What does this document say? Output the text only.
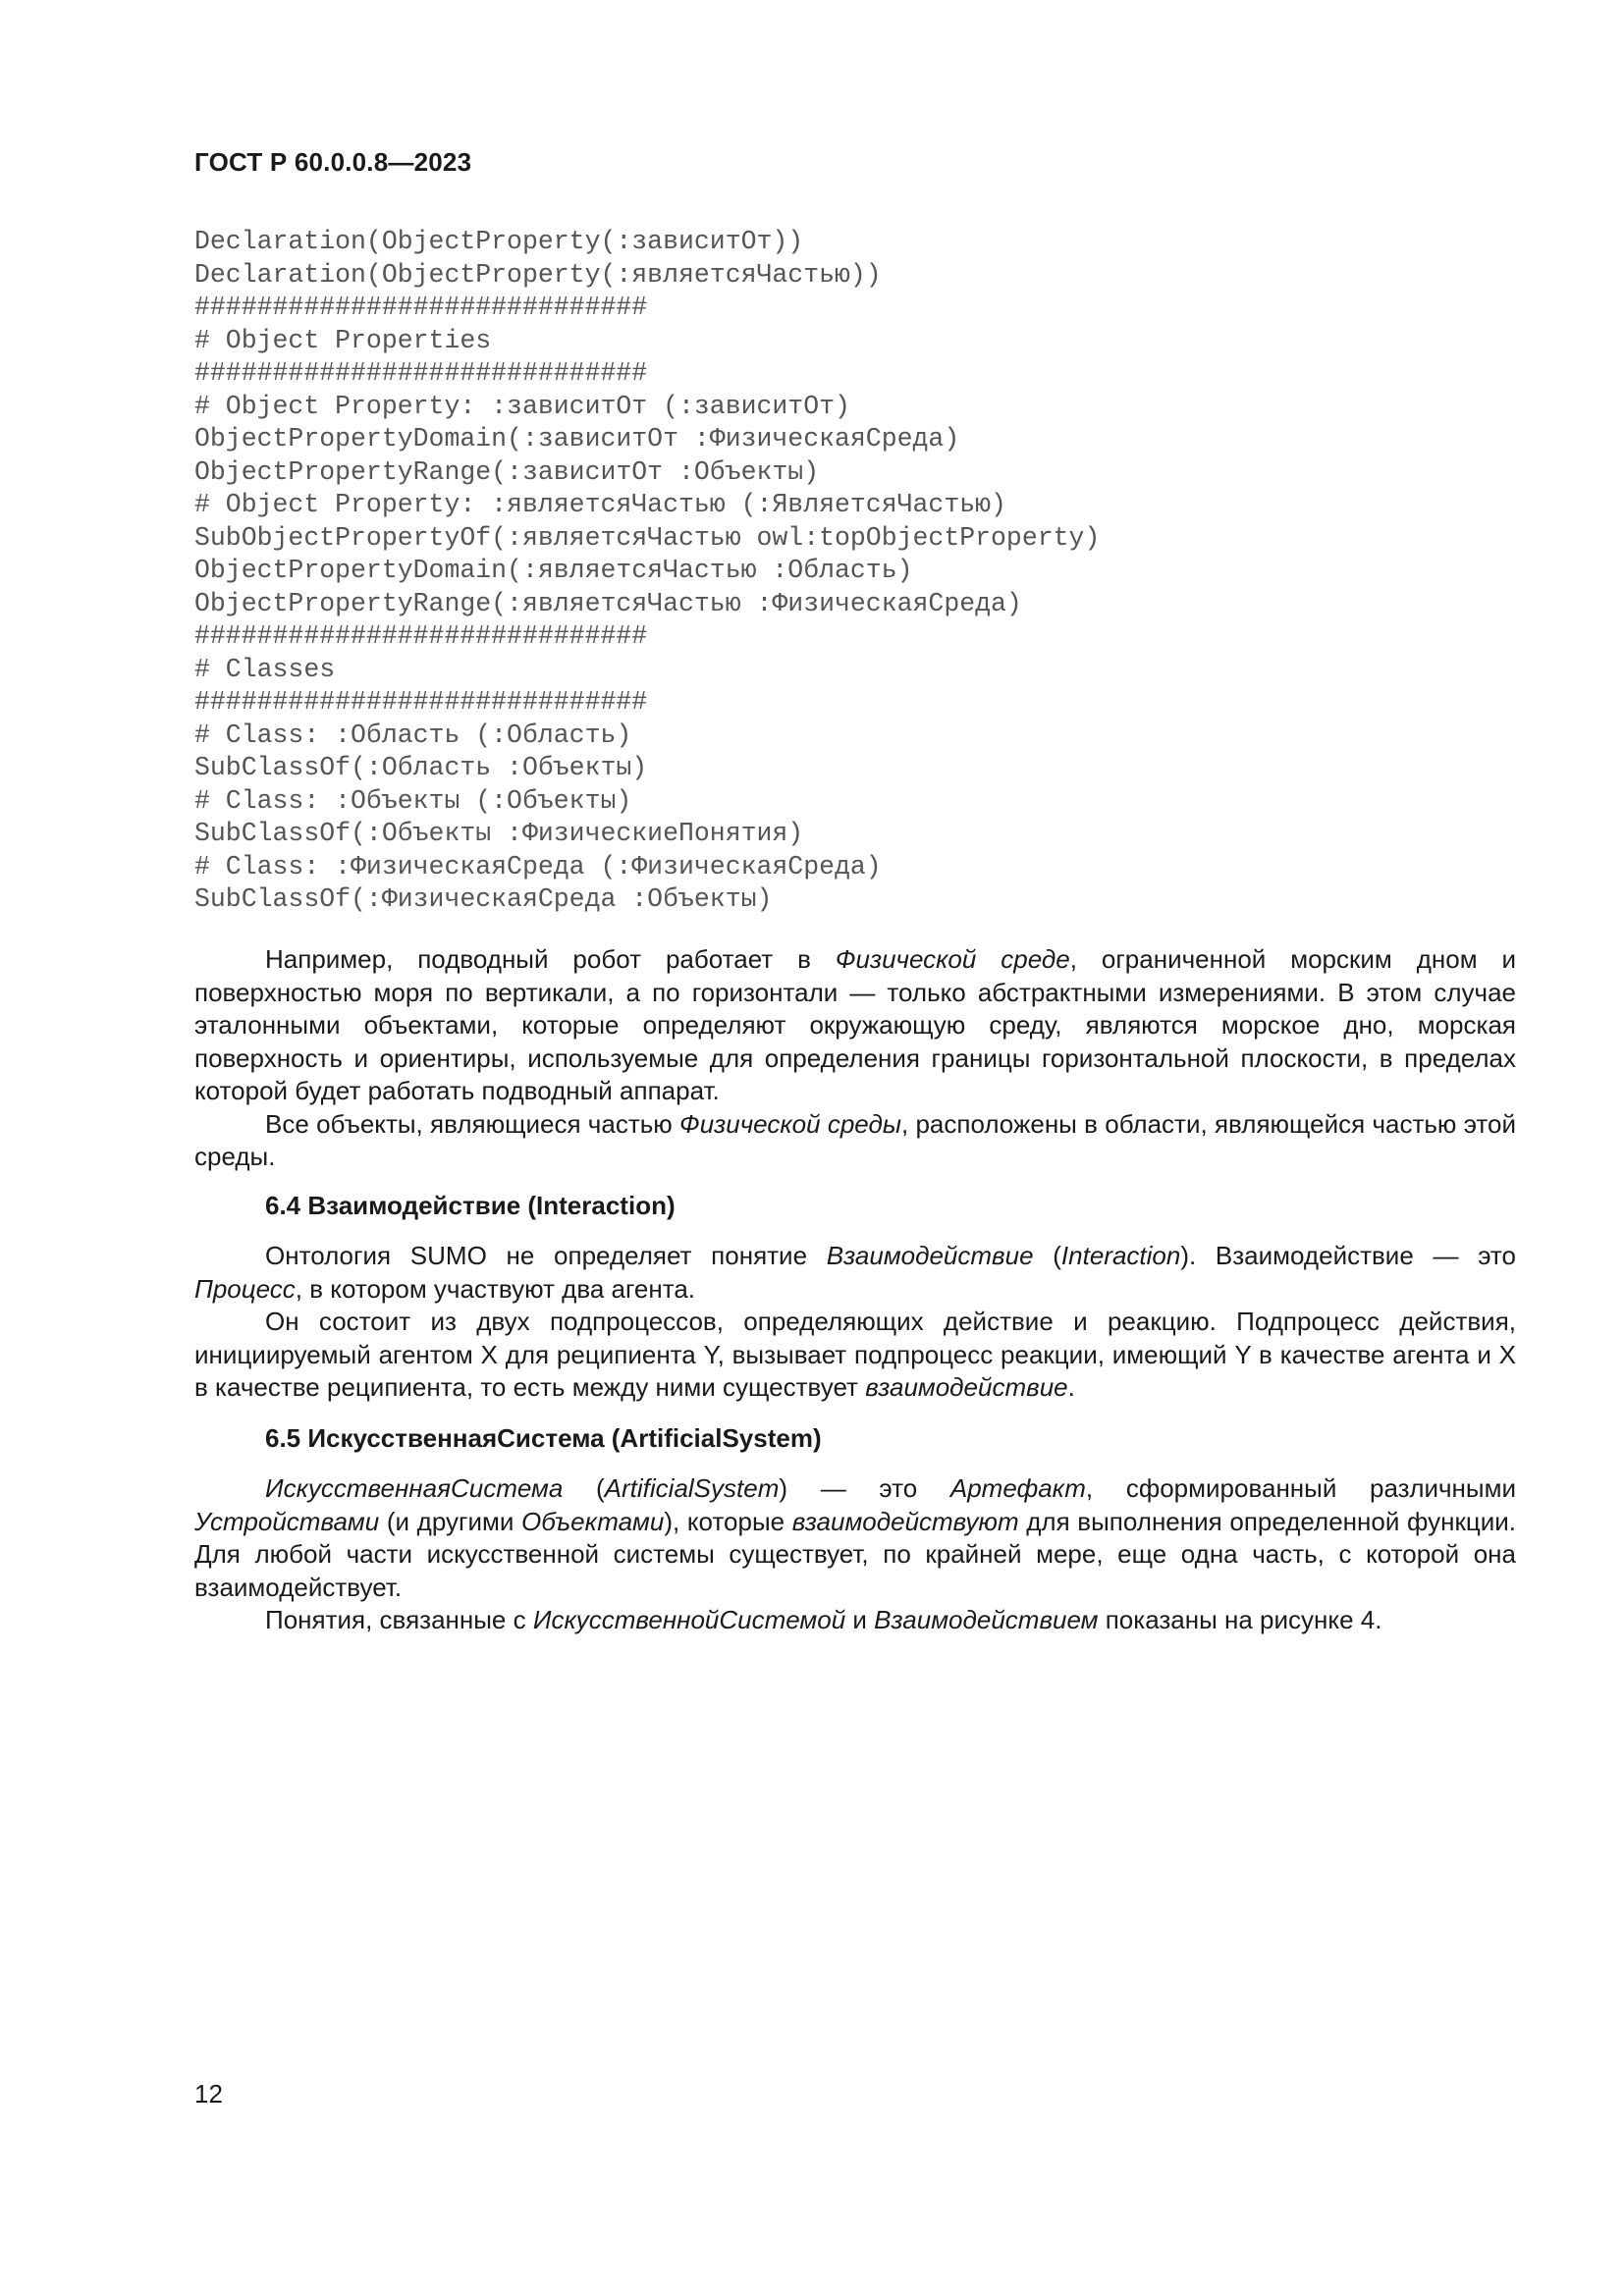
ГОСТ Р 60.0.0.8—2023
Declaration(ObjectProperty(:зависитОт))
Declaration(ObjectProperty(:являетсяЧастью))
#############################
# Object Properties
#############################
# Object Property: :зависитОт (:зависитОт)
ObjectPropertyDomain(:зависитОт :ФизическаяСреда)
ObjectPropertyRange(:зависитОт :Объекты)
# Object Property: :являетсяЧастью (:ЯвляетсяЧастью)
SubObjectPropertyOf(:являетсяЧастью owl:topObjectProperty)
ObjectPropertyDomain(:являетсяЧастью :Область)
ObjectPropertyRange(:являетсяЧастью :ФизическаяСреда)
#############################
# Classes
#############################
# Class: :Область (:Область)
SubClassOf(:Область :Объекты)
# Class: :Объекты (:Объекты)
SubClassOf(:Объекты :ФизическиеПонятия)
# Class: :ФизическаяСреда (:ФизическаяСреда)
SubClassOf(:ФизическаяСреда :Объекты)

Например, подводный робот работает в Физической среде, ограниченной морским дном и поверхностью моря по вертикали, а по горизонтали — только абстрактными измерениями. В этом случае эталонными объектами, которые определяют окружающую среду, являются морское дно, морская поверхность и ориентиры, используемые для определения границы горизонтальной плоскости, в пределах которой будет работать подводный аппарат.

Все объекты, являющиеся частью Физической среды, расположены в области, являющейся частью этой среды.

6.4 Взаимодействие (Interaction)

Онтология SUMO не определяет понятие Взаимодействие (Interaction). Взаимодействие — это Процесс, в котором участвуют два агента.

Он состоит из двух подпроцессов, определяющих действие и реакцию. Подпроцесс действия, инициируемый агентом X для реципиента Y, вызывает подпроцесс реакции, имеющий Y в качестве агента и X в качестве реципиента, то есть между ними существует взаимодействие.

6.5 ИскусственнаяСистема (ArtificialSystem)

ИскусственнаяСистема (ArtificialSystem) — это Артефакт, сформированный различными Устройствами (и другими Объектами), которые взаимодействуют для выполнения определенной функции. Для любой части искусственной системы существует, по крайней мере, еще одна часть, с которой она взаимодействует.

Понятия, связанные с ИскусственнойСистемой и Взаимодействием показаны на рисунке 4.

12
